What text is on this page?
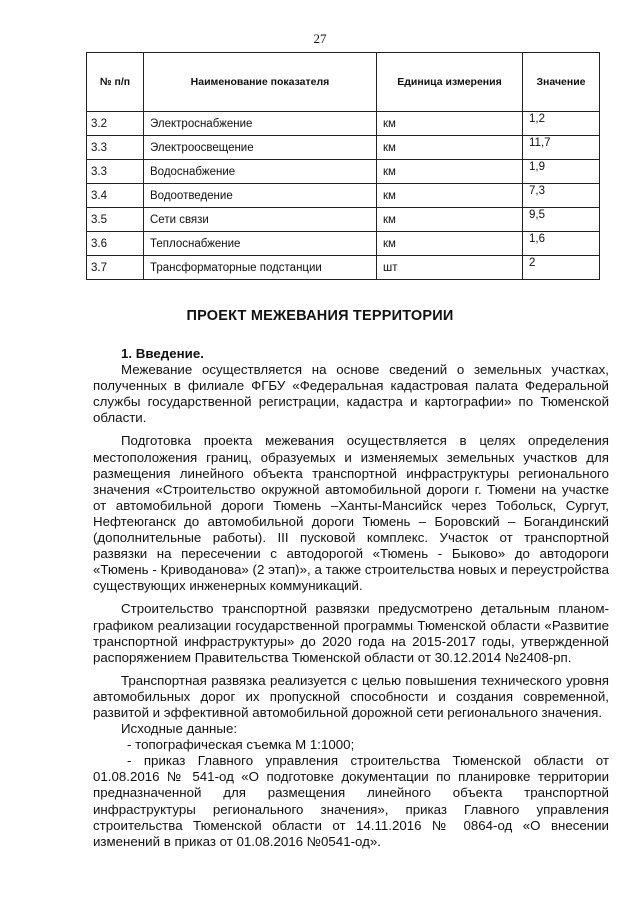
27
№ п/п	Наименование показателя	Единица измерения	Значение
3.2	Электроснабжение	км	1,2
3.3	Электроосвещение	км	11,7
3.3	Водоснабжение	км	1,9
3.4	Водоотведение	км	7,3
3.5	Сети связи	км	9,5
3.6	Теплоснабжение	км	1,6
3.7	Трансформаторные подстанции	шт	2
ПРОЕКТ МЕЖЕВАНИЯ ТЕРРИТОРИИ
1. Введение.

Межевание осуществляется на основе сведений о земельных участках, полученных в филиале ФГБУ «Федеральная кадастровая палата Федеральной службы государственной регистрации, кадастра и картографии» по Тюменской области.

Подготовка проекта межевания осуществляется в целях определения местоположения границ, образуемых и изменяемых земельных участков для размещения линейного объекта транспортной инфраструктуры регионального значения «Строительство окружной автомобильной дороги г. Тюмени на участке от автомобильной дороги Тюмень –Ханты-Мансийск через Тобольск, Сургут, Нефтеюганск до автомобильной дороги Тюмень – Боровский – Богандинский (дополнительные работы). III пусковой комплекс. Участок от транспортной развязки на пересечении с автодорогой «Тюмень - Быково» до автодороги «Тюмень - Криводанова» (2 этап)», а также строительства новых и переустройства существующих инженерных коммуникаций.

Строительство транспортной развязки предусмотрено детальным планом-графиком реализации государственной программы Тюменской области «Развитие транспортной инфраструктуры» до 2020 года на 2015-2017 годы, утвержденной распоряжением Правительства Тюменской области от 30.12.2014 №2408-рп.

Транспортная развязка реализуется с целью повышения технического уровня автомобильных дорог их пропускной способности и создания современной, развитой и эффективной автомобильной дорожной сети регионального значения.

Исходные данные:

- топографическая съемка М 1:1000;

- приказ Главного управления строительства Тюменской области от 01.08.2016 № 541-од «О подготовке документации по планировке территории предназначенной для размещения линейного объекта транспортной инфраструктуры регионального значения», приказ Главного управления строительства Тюменской области от 14.11.2016 № 0864-од «О внесении изменений в приказ от 01.08.2016 №0541-од».
